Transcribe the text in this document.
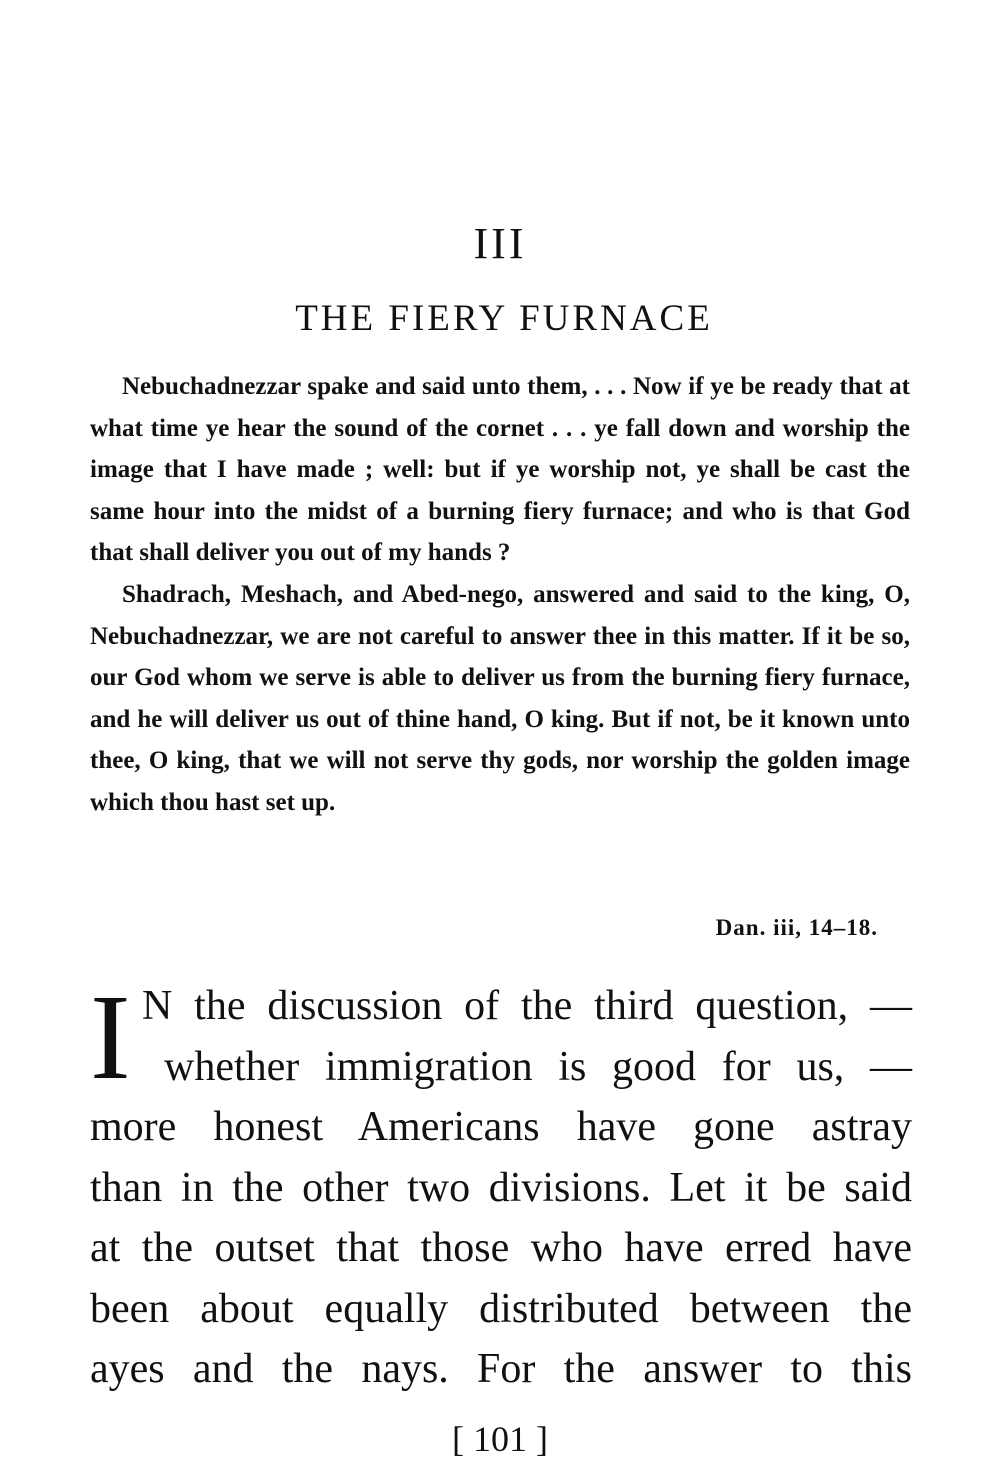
III
THE FIERY FURNACE

Nebuchadnezzar spake and said unto them, . . . Now if ye be ready that at what time ye hear the sound of the cornet . . . ye fall down and worship the image that I have made ; well: but if ye worship not, ye shall be cast the same hour into the midst of a burning fiery furnace; and who is that God that shall deliver you out of my hands ?

Shadrach, Meshach, and Abed-nego, answered and said to the king, O, Nebuchadnezzar, we are not careful to answer thee in this matter. If it be so, our God whom we serve is able to deliver us from the burning fiery furnace, and he will deliver us out of thine hand, O king. But if not, be it known unto thee, O king, that we will not serve thy gods, nor worship the golden image which thou hast set up.

Dan. iii, 14–18.
I N the discussion of the third question, —
whether immigration is good for us, —
more honest Americans have gone astray
than in the other two divisions. Let it be said
at the outset that those who have erred have
been about equally distributed between the
ayes and the nays. For the answer to this
[ 101 ]
